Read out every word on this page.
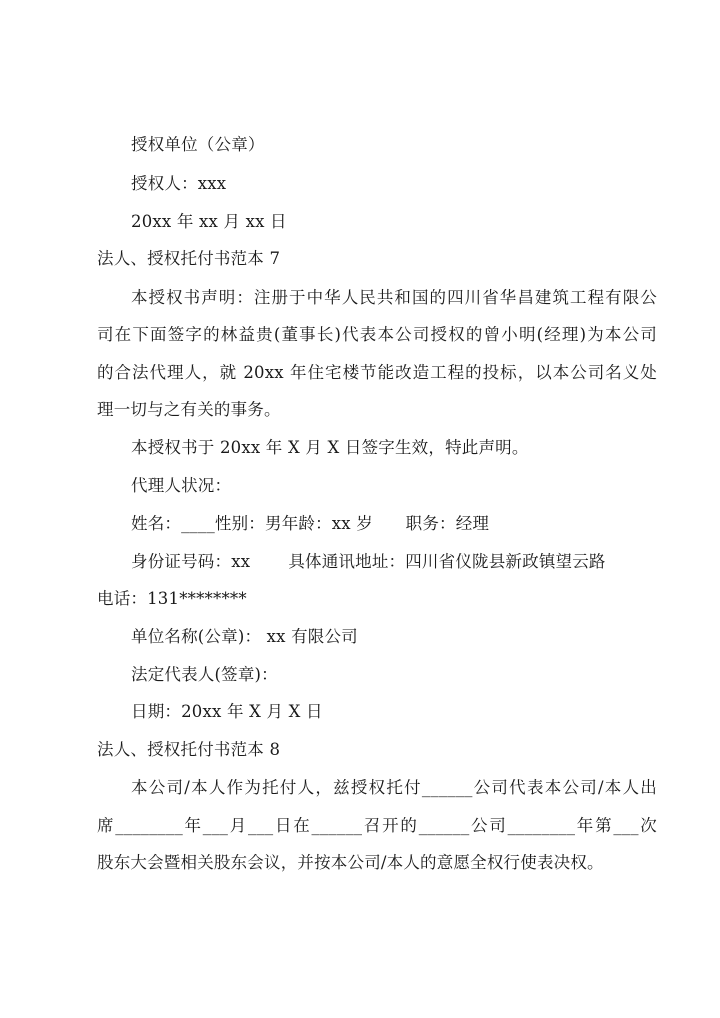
授权单位（公章）
授权人：xxx
20xx 年 xx 月 xx 日
法人、授权托付书范本 7
本授权书声明：注册于中华人民共和国的四川省华昌建筑工程有限公
司在下面签字的林益贵(董事长)代表本公司授权的曾小明(经理)为本公司
的合法代理人，就 20xx 年住宅楼节能改造工程的投标，以本公司名义处
理一切与之有关的事务。
本授权书于 20xx 年 X 月 X 日签字生效，特此声明。
代理人状况：
姓名：____性别：男年龄：xx 岁      职务：经理
身份证号码：xx       具体通讯地址：四川省仪陇县新政镇望云路
电话：131********
单位名称(公章)： xx 有限公司
法定代表人(签章)：
日期：20xx 年 X 月 X 日
法人、授权托付书范本 8
本公司/本人作为托付人，兹授权托付______公司代表本公司/本人出
席________年___月___日在______召开的______公司________年第___次
股东大会暨相关股东会议，并按本公司/本人的意愿全权行使表决权。
